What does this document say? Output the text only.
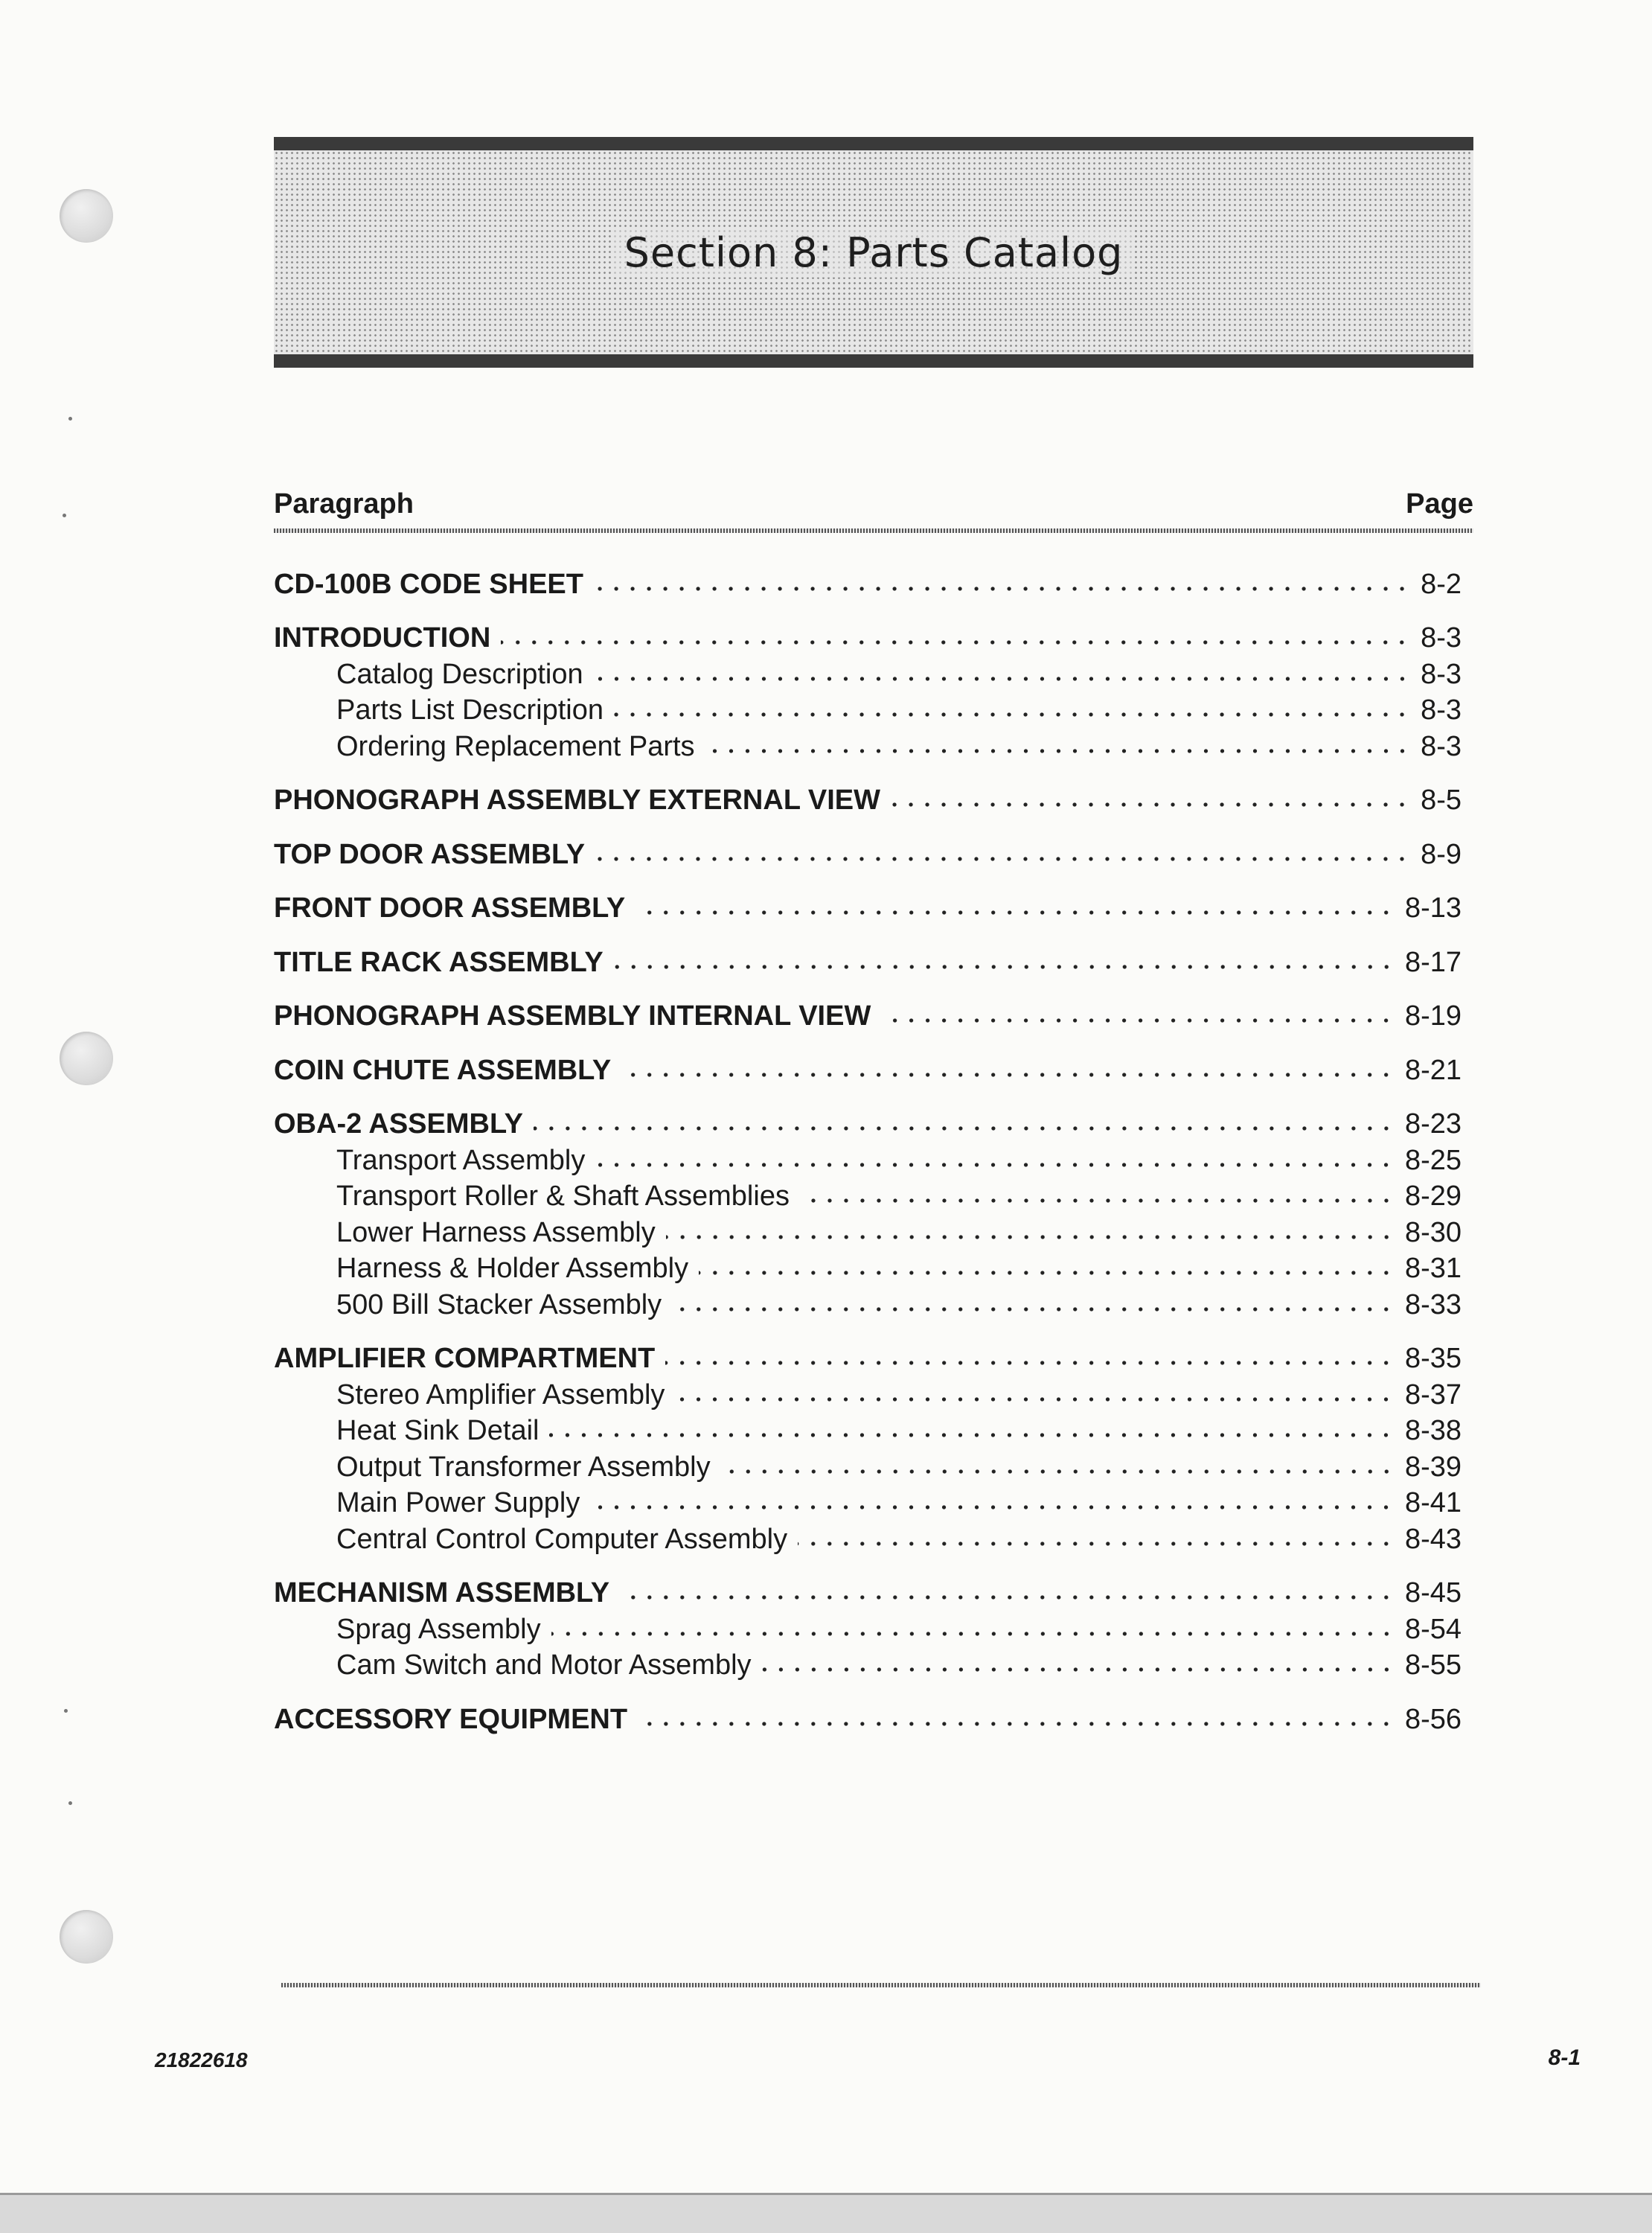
Section 8: Parts Catalog
Paragraph	Page
CD-100B CODE SHEET	8-2
INTRODUCTION	8-3
Catalog Description	8-3
Parts List Description	8-3
Ordering Replacement Parts	8-3
PHONOGRAPH ASSEMBLY EXTERNAL VIEW	8-5
TOP DOOR ASSEMBLY	8-9
FRONT DOOR ASSEMBLY	8-13
TITLE RACK ASSEMBLY	8-17
PHONOGRAPH ASSEMBLY INTERNAL VIEW	8-19
COIN CHUTE ASSEMBLY	8-21
OBA-2 ASSEMBLY	8-23
Transport Assembly	8-25
Transport Roller & Shaft Assemblies	8-29
Lower Harness Assembly	8-30
Harness & Holder Assembly	8-31
500 Bill Stacker Assembly	8-33
AMPLIFIER COMPARTMENT	8-35
Stereo Amplifier Assembly	8-37
Heat Sink Detail	8-38
Output Transformer Assembly	8-39
Main Power Supply	8-41
Central Control Computer Assembly	8-43
MECHANISM ASSEMBLY	8-45
Sprag Assembly	8-54
Cam Switch and Motor Assembly	8-55
ACCESSORY EQUIPMENT	8-56
21822618	8-1
